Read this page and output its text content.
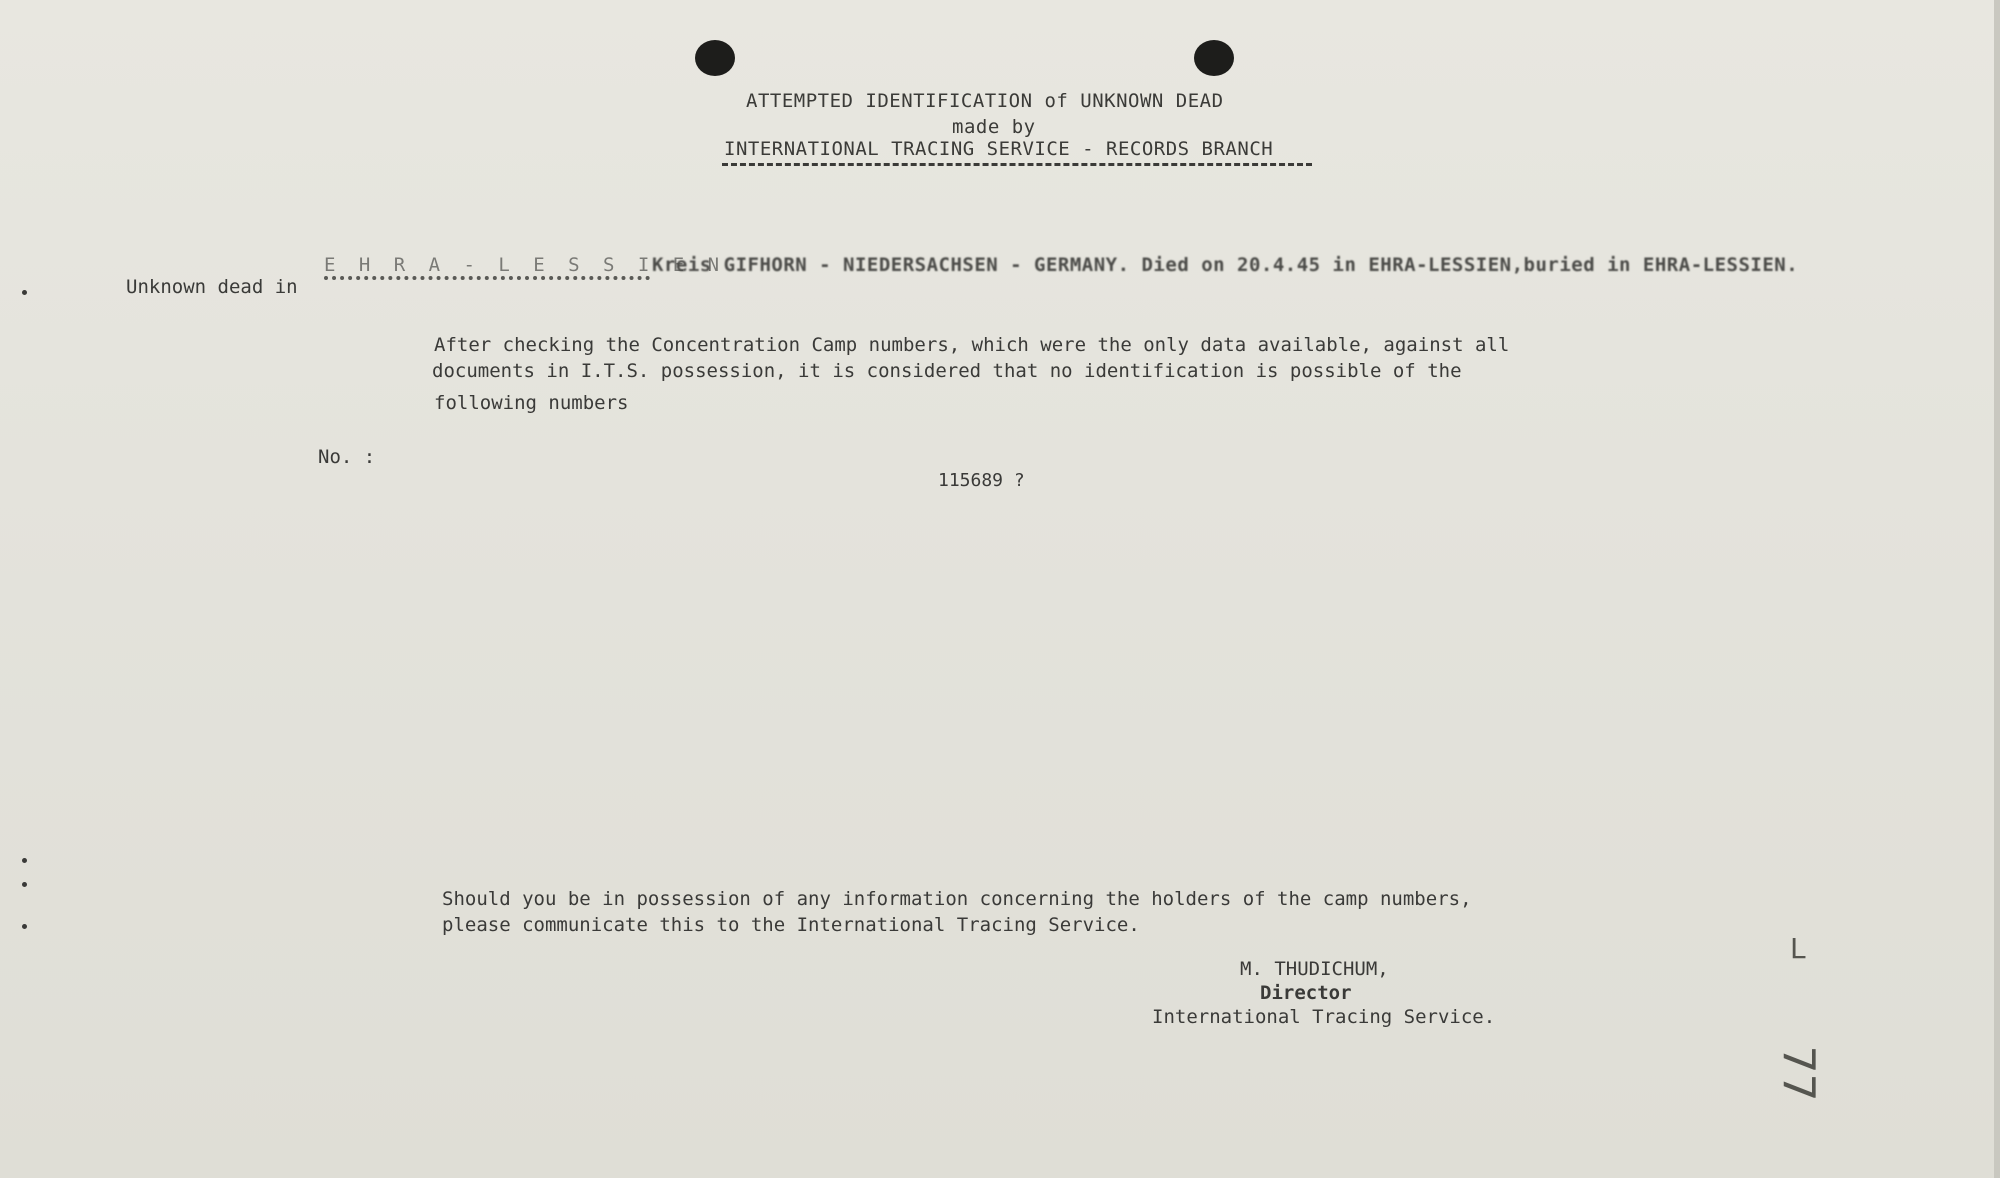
ATTEMPTED IDENTIFICATION of UNKNOWN DEAD
made by
INTERNATIONAL TRACING SERVICE - RECORDS BRANCH
Unknown dead in
E H R A - L E S S I E N
Kreis GIFHORN - NIEDERSACHSEN - GERMANY. Died on 20.4.45 in EHRA-LESSIEN,buried in EHRA-LESSIEN.
After checking the Concentration Camp numbers, which were the only data available, against all
documents in I.T.S. possession, it is considered that no identification is possible of the
following numbers
No. :
115689 ?
Should you be in possession of any information concerning the holders of the camp numbers,
please communicate this to the International Tracing Service.
M. THUDICHUM,
Director
International Tracing Service.
L
77
